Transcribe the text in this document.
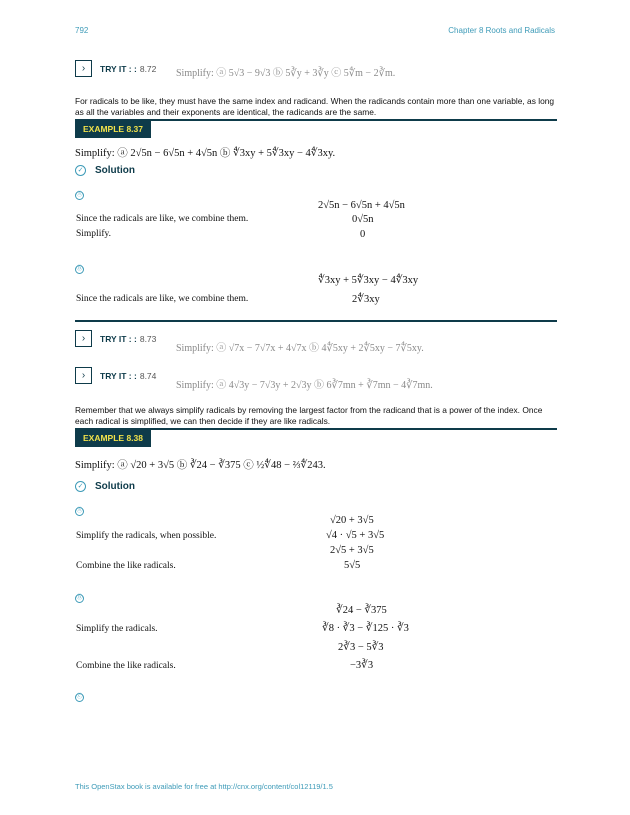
792	Chapter 8 Roots and Radicals
›	TRY IT : : 8.72 Simplify: ⓐ 5√3 − 9√3 ⓑ 5∛y + 3∛y ⓒ 5∜m − 2∛m.
For radicals to be like, they must have the same index and radicand. When the radicands contain more than one variable, as long as all the variables and their exponents are identical, the radicands are the same.
EXAMPLE 8.37
Simplify: ⓐ 2√5n − 6√5n + 4√5n ⓑ ∜3xy + 5∜3xy − 4∜3xy.
✓ Solution
ⓐ
2√5n − 6√5n + 4√5n
Since the radicals are like, we combine them.	0√5n
Simplify.	0
ⓑ
∜3xy + 5∜3xy − 4∜3xy
Since the radicals are like, we combine them.	2∜3xy
›	TRY IT : : 8.73
Simplify: ⓐ √7x − 7√7x + 4√7x ⓑ 4∜5xy + 2∜5xy − 7∜5xy.
›	TRY IT : : 8.74
Simplify: ⓐ 4√3y − 7√3y + 2√3y ⓑ 6∛7mn + ∛7mn − 4∛7mn.
Remember that we always simplify radicals by removing the largest factor from the radicand that is a power of the index. Once each radical is simplified, we can then decide if they are like radicals.
EXAMPLE 8.38
Simplify: ⓐ √20 + 3√5 ⓑ ∛24 − ∛375 ⓒ ½∜48 − ⅔∜243.
✓ Solution
ⓐ
√20 + 3√5
Simplify the radicals, when possible.	√4 · √5 + 3√5
2√5 + 3√5
Combine the like radicals.	5√5
ⓑ
∛24 − ∛375
Simplify the radicals.	∛8 · ∛3 − ∛125 · ∛3
2∛3 − 5∛3
Combine the like radicals.	−3∛3
ⓒ
This OpenStax book is available for free at http://cnx.org/content/col12119/1.5
